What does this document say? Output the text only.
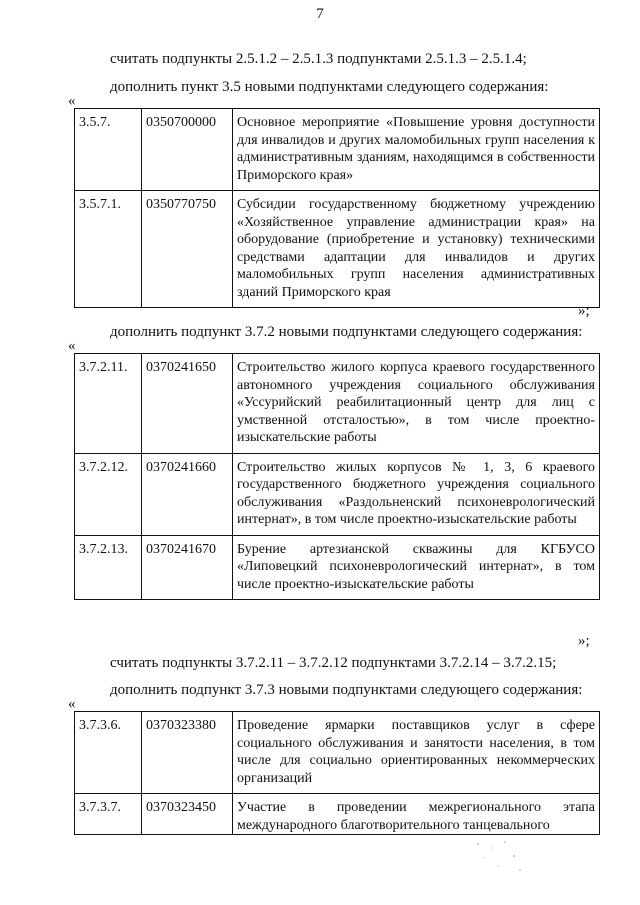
7
считать подпункты 2.5.1.2 – 2.5.1.3 подпунктами 2.5.1.3 – 2.5.1.4;
дополнить пункт 3.5 новыми подпунктами следующего содержания:
«
3.5.7.	0350700000	Основное мероприятие «Повышение уровня доступности для инвалидов и других маломобильных групп населения к административным зданиям, находящимся в собственности Приморского края»
3.5.7.1.	0350770750	Субсидии государственному бюджетному учреждению «Хозяйственное управление администрации края» на оборудование (приобретение и установку) техническими средствами адаптации для инвалидов и других маломобильных групп населения административных зданий Приморского края
»;
дополнить подпункт 3.7.2 новыми подпунктами следующего содержания:
«
3.7.2.11.	0370241650	Строительство жилого корпуса краевого государственного автономного учреждения социального обслуживания «Уссурийский реабилитационный центр для лиц с умственной отсталостью», в том числе проектно-изыскательские работы
3.7.2.12.	0370241660	Строительство жилых корпусов № 1, 3, 6 краевого государственного бюджетного учреждения социального обслуживания «Раздольненский психоневрологический интернат», в том числе проектно-изыскательские работы
3.7.2.13.	0370241670	Бурение артезианской скважины для КГБУСО «Липовецкий психоневрологический интернат», в том числе проектно-изыскательские работы
»;
считать подпункты 3.7.2.11 – 3.7.2.12 подпунктами 3.7.2.14 – 3.7.2.15;
дополнить подпункт 3.7.3 новыми подпунктами следующего содержания:
«
3.7.3.6.	0370323380	Проведение ярмарки поставщиков услуг в сфере социального обслуживания и занятости населения, в том числе для социально ориентированных некоммерческих организаций
3.7.3.7.	0370323450	Участие в проведении межрегионального этапа международного благотворительного танцевального
